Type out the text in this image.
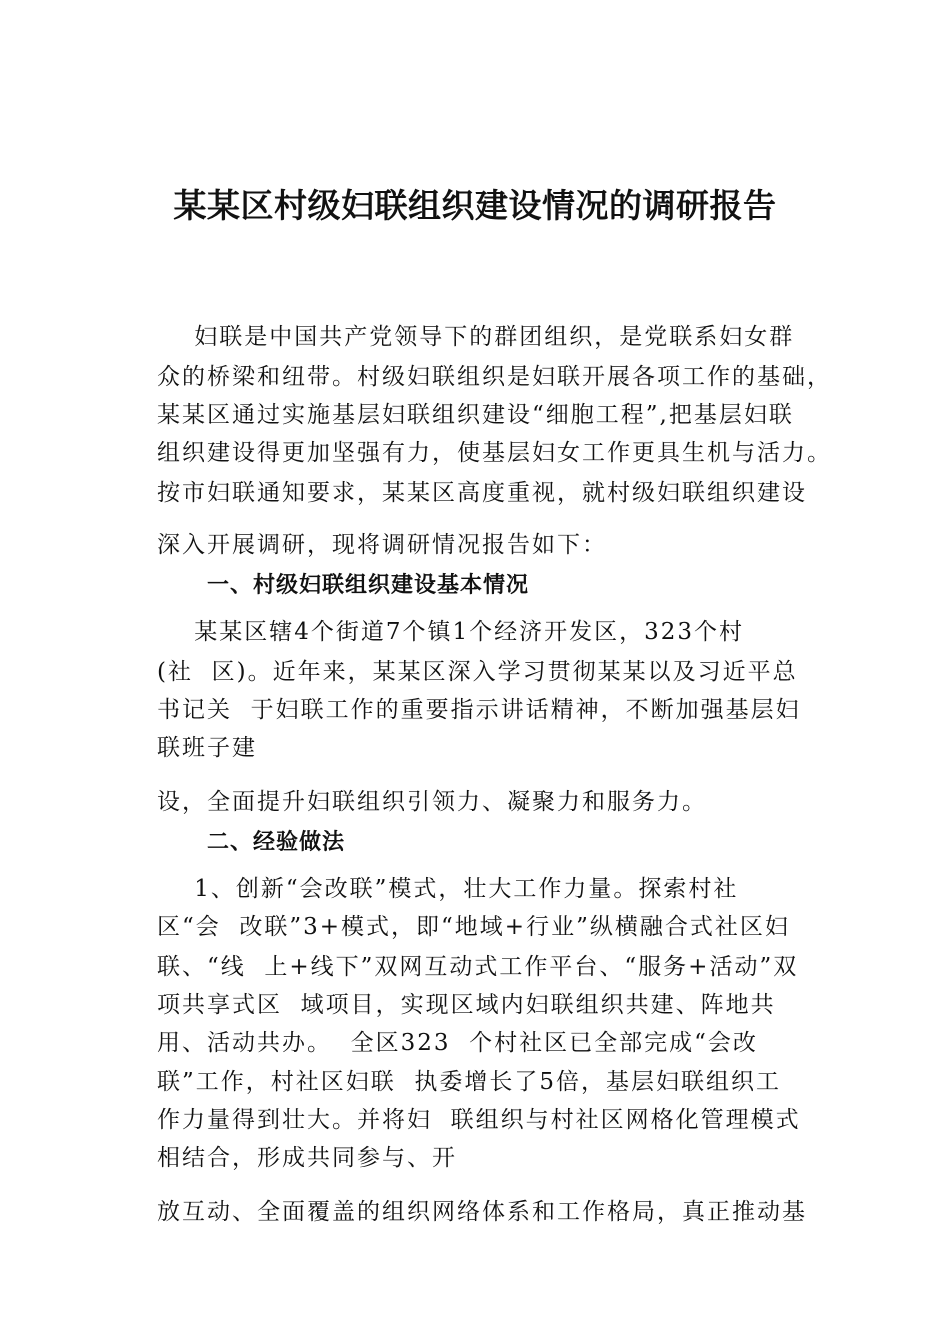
某某区村级妇联组织建设情况的调研报告
妇联是中国共产党领导下的群团组织，是党联系妇女群
众的桥梁和纽带。村级妇联组织是妇联开展各项工作的基础，
某某区通过实施基层妇联组织建设“细胞工程”,把基层妇联
组织建设得更加坚强有力，使基层妇女工作更具生机与活力。
按市妇联通知要求，某某区高度重视，就村级妇联组织建设
深入开展调研，现将调研情况报告如下：
一、村级妇联组织建设基本情况
某某区辖4个街道7个镇1个经济开发区，323个村
(社  区)。近年来，某某区深入学习贯彻某某以及习近平总
书记关  于妇联工作的重要指示讲话精神，不断加强基层妇
联班子建
设，全面提升妇联组织引领力、凝聚力和服务力。
二、经验做法
1、创新“会改联”模式，壮大工作力量。探索村社
区“会  改联”3+模式，即“地域+行业”纵横融合式社区妇
联、“线  上+线下”双网互动式工作平台、“服务+活动”双
项共享式区  域项目，实现区域内妇联组织共建、阵地共
用、活动共办。  全区323  个村社区已全部完成“会改
联”工作，村社区妇联  执委增长了5倍，基层妇联组织工
作力量得到壮大。并将妇  联组织与村社区网格化管理模式
相结合，形成共同参与、开
放互动、全面覆盖的组织网络体系和工作格局，真正推动基
